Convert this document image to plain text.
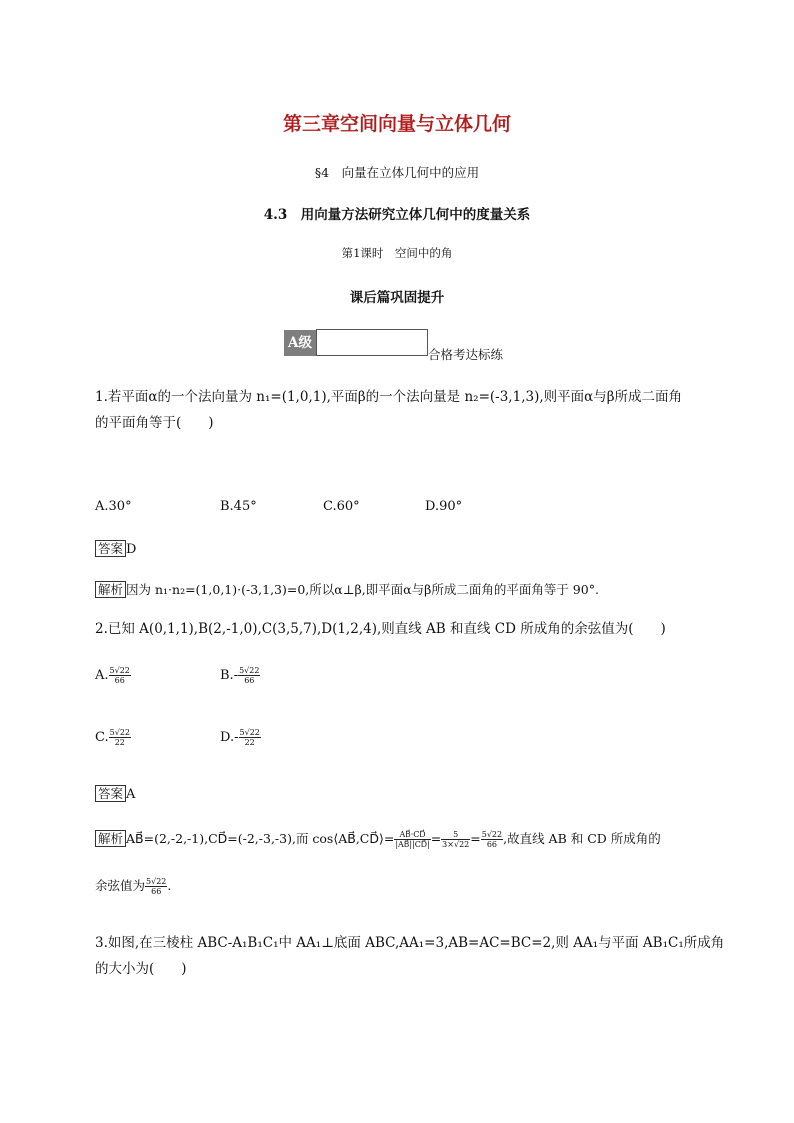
第三章空间向量与立体几何
§4　向量在立体几何中的应用
4.3　用向量方法研究立体几何中的度量关系
第1课时　空间中的角
课后篇巩固提升
A级
合格考达标练
1.若平面α的一个法向量为 n₁=(1,0,1),平面β的一个法向量是 n₂=(-3,1,3),则平面α与β所成二面角
的平面角等于(　　)
A.30°	B.45°	C.60°	D.90°
答案 D
解析 因为 n₁·n₂=(1,0,1)·(-3,1,3)=0,所以α⊥β,即平面α与β所成二面角的平面角等于 90°.
2.已知 A(0,1,1),B(2,-1,0),C(3,5,7),D(1,2,4),则直线 AB 和直线 CD 所成角的余弦值为(　　)
A. $\frac{5√22}{66}$	$B.- \frac{5√22}{66}$
C. $\frac{5√22}{22}$	$D.- \frac{5√22}{22}$
答案 A
解析 AB⃗=(2,-2,-1),CD⃗=(-2,-3,-3),而 cos⟨AB⃗,CD⃗⟩= $\frac{AB⃗\cdot CD⃗}{|AB⃗||CD⃗|} = \frac{5}{3\times√22} = \frac{5√22}{66}$ ,故直线 AB 和 CD 所成角的
余弦值为 $\frac{5√22}{66}$ .
3.如图,在三棱柱 ABC-A₁B₁C₁中 AA₁⊥底面 ABC,AA₁=3,AB=AC=BC=2,则 AA₁与平面 AB₁C₁所成角
的大小为(　　)
